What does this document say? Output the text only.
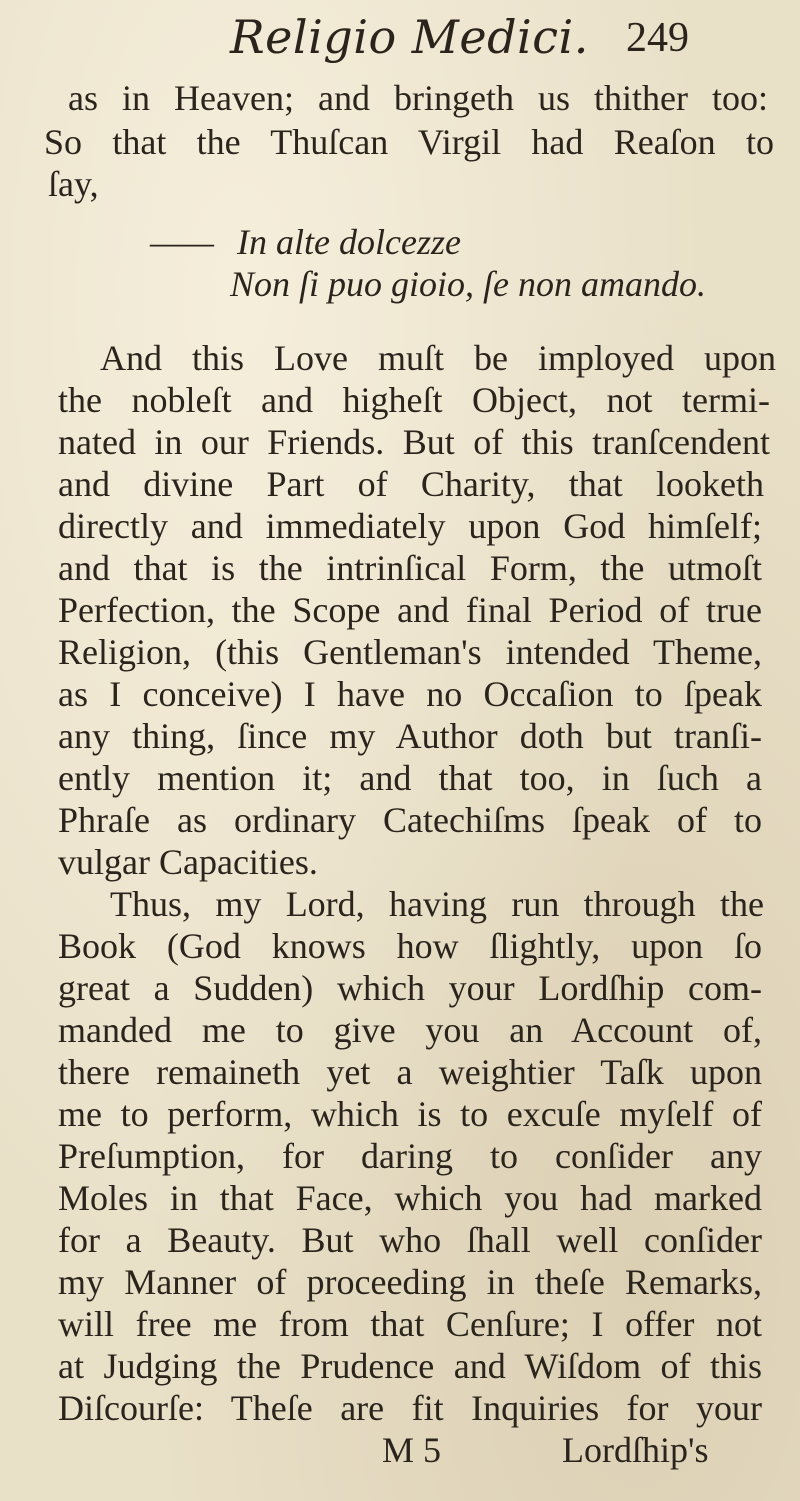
Religio Medici. 249
as in Heaven; and bringeth us thither too:
So that the Thuſcan Virgil had Reaſon to
ſay,
—— In alte dolcezze
Non ſi puo gioio, ſe non amando.
And this Love muſt be imployed upon
the nobleſt and higheſt Object, not termi-
nated in our Friends. But of this tranſcendent
and divine Part of Charity, that looketh
directly and immediately upon God himſelf;
and that is the intrinſical Form, the utmoſt
Perfection, the Scope and final Period of true
Religion, (this Gentleman's intended Theme,
as I conceive) I have no Occaſion to ſpeak
any thing, ſince my Author doth but tranſi-
ently mention it; and that too, in ſuch a
Phraſe as ordinary Catechiſms ſpeak of to
vulgar Capacities.
Thus, my Lord, having run through the
Book (God knows how ſlightly, upon ſo
great a Sudden) which your Lordſhip com-
manded me to give you an Account of,
there remaineth yet a weightier Taſk upon
me to perform, which is to excuſe myſelf of
Preſumption, for daring to conſider any
Moles in that Face, which you had marked
for a Beauty. But who ſhall well conſider
my Manner of proceeding in theſe Remarks,
will free me from that Cenſure; I offer not
at Judging the Prudence and Wiſdom of this
Diſcourſe: Theſe are fit Inquiries for your
M 5	Lordſhip's
